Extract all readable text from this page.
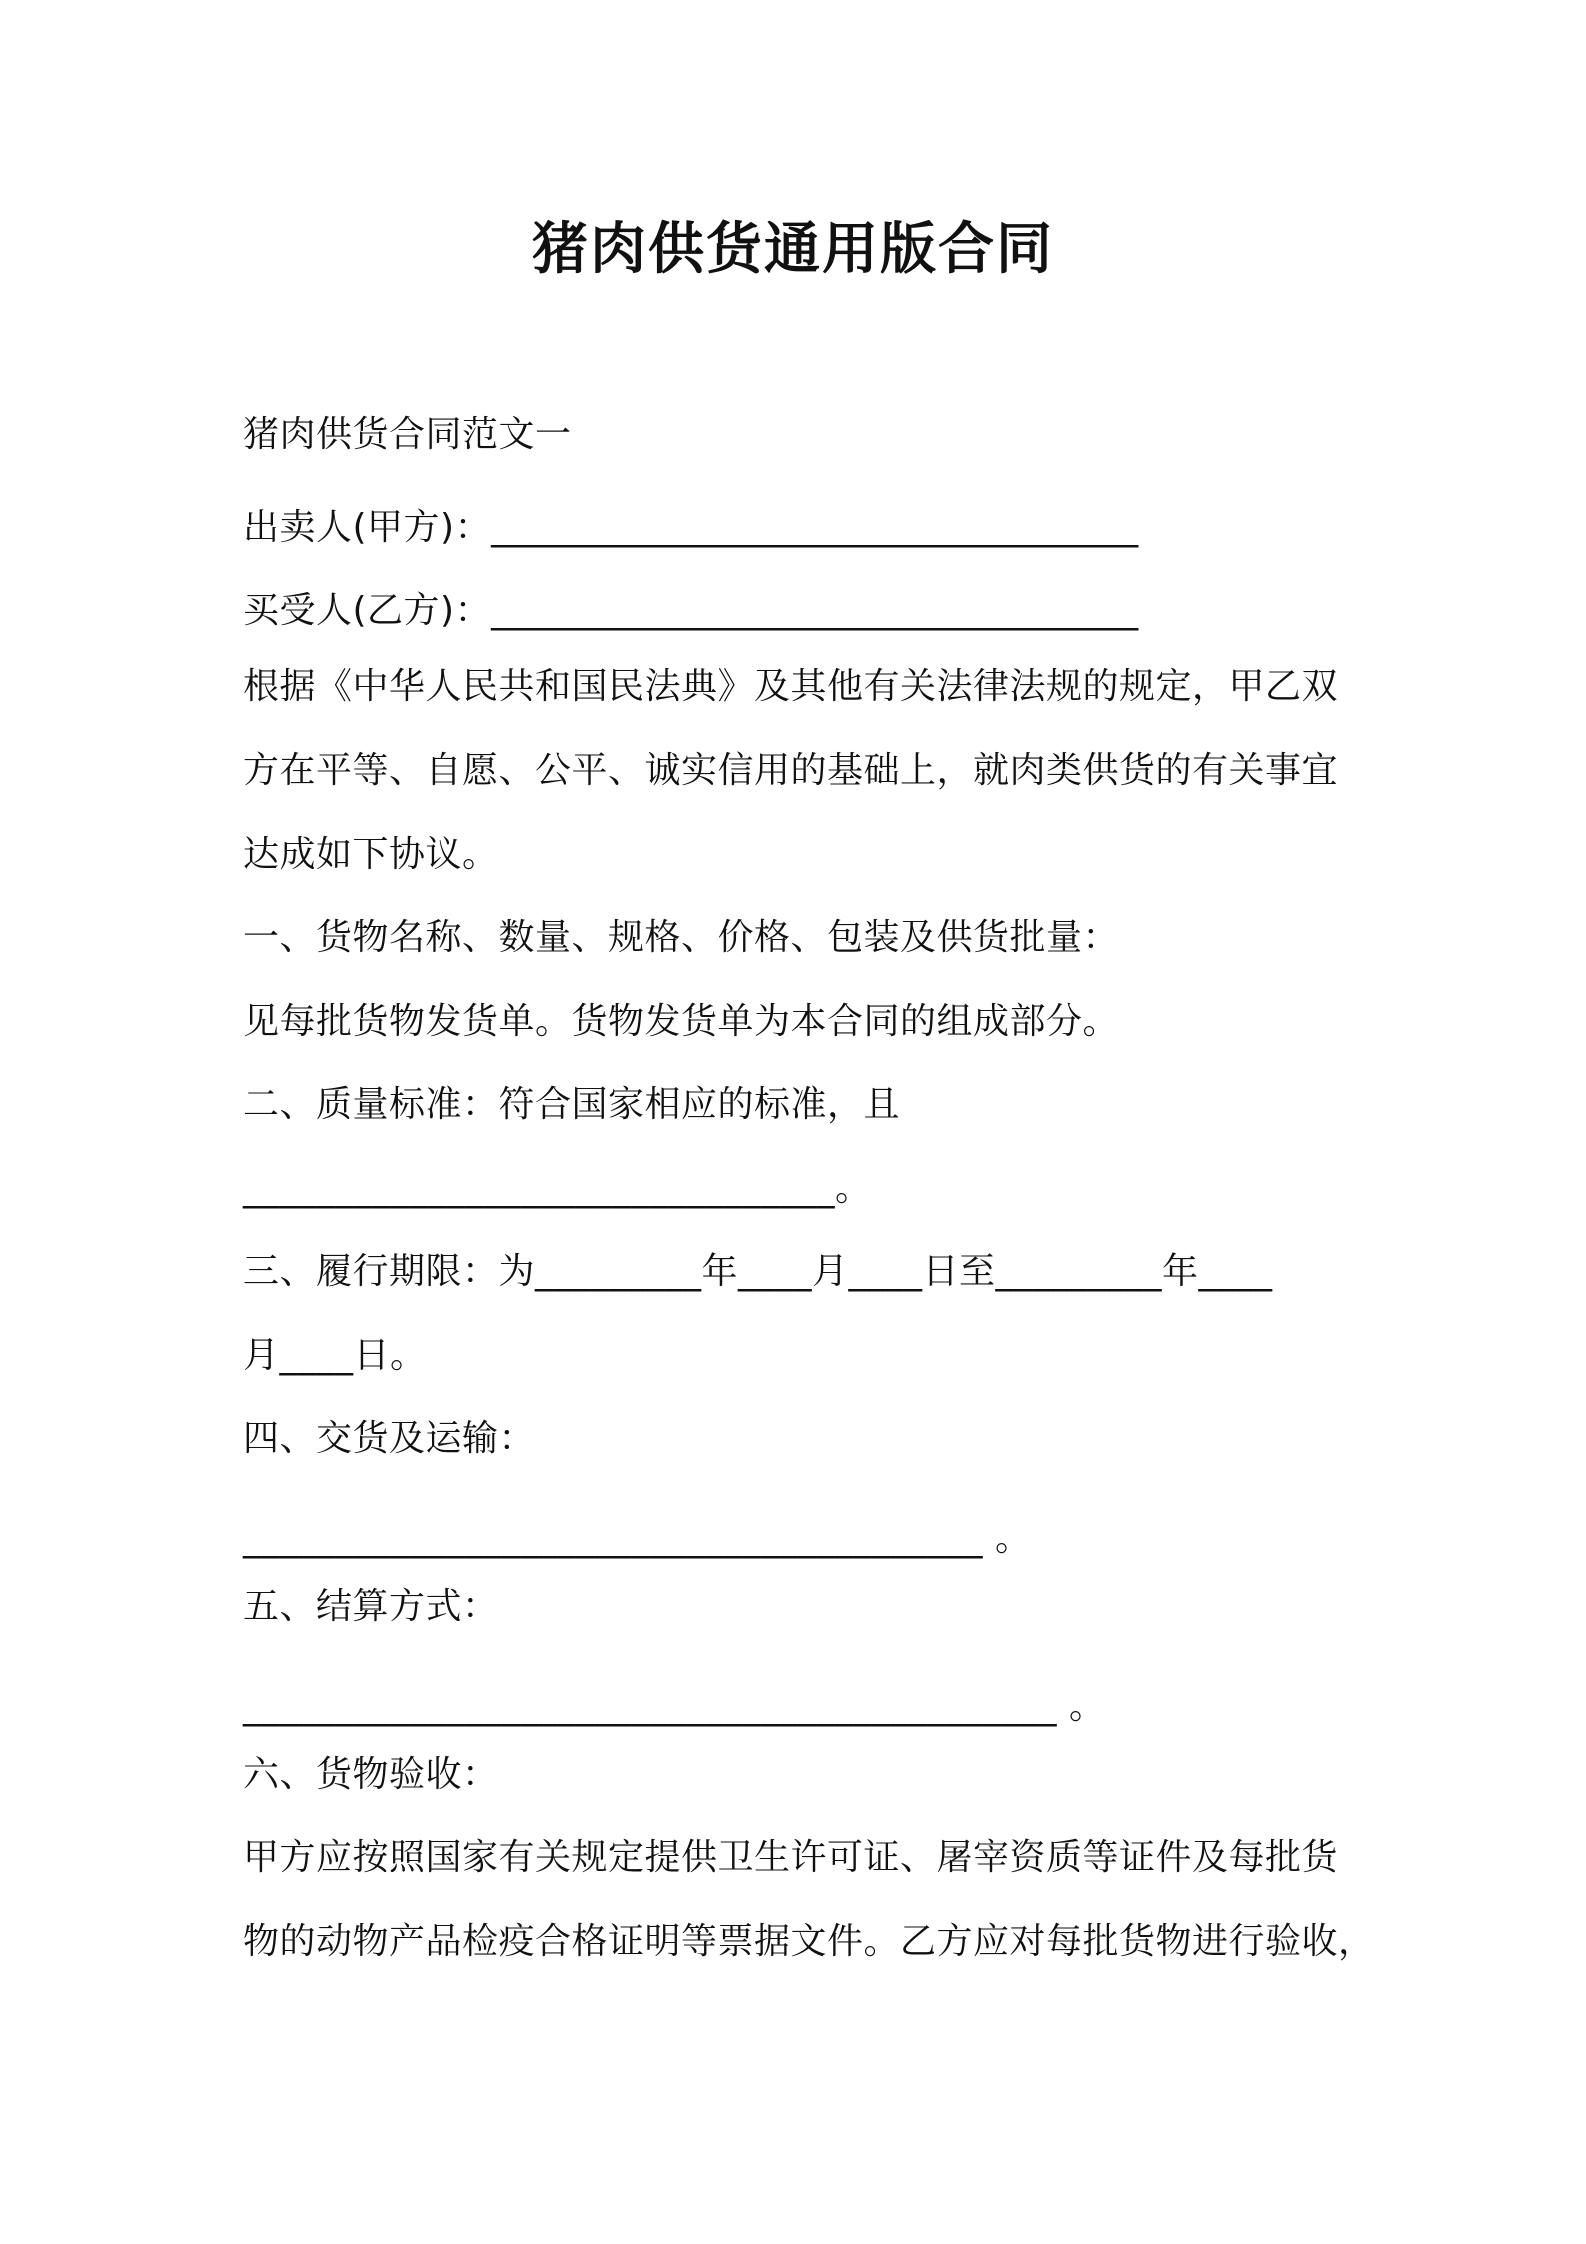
猪肉供货通用版合同
猪肉供货合同范文一
出卖人(甲方)：___________________________________
买受人(乙方)：___________________________________
根据《中华人民共和国民法典》及其他有关法律法规的规定，甲乙双
方在平等、自愿、公平、诚实信用的基础上，就肉类供货的有关事宜
达成如下协议。
一、货物名称、数量、规格、价格、包装及供货批量：
见每批货物发货单。货物发货单为本合同的组成部分。
二、质量标准：符合国家相应的标准，且
________________________________。
三、履行期限：为_________年____月____日至_________年____
月____日。
四、交货及运输：
________________________________________ 。
五、结算方式：
____________________________________________ 。
六、货物验收：
甲方应按照国家有关规定提供卫生许可证、屠宰资质等证件及每批货
物的动物产品检疫合格证明等票据文件。乙方应对每批货物进行验收，
